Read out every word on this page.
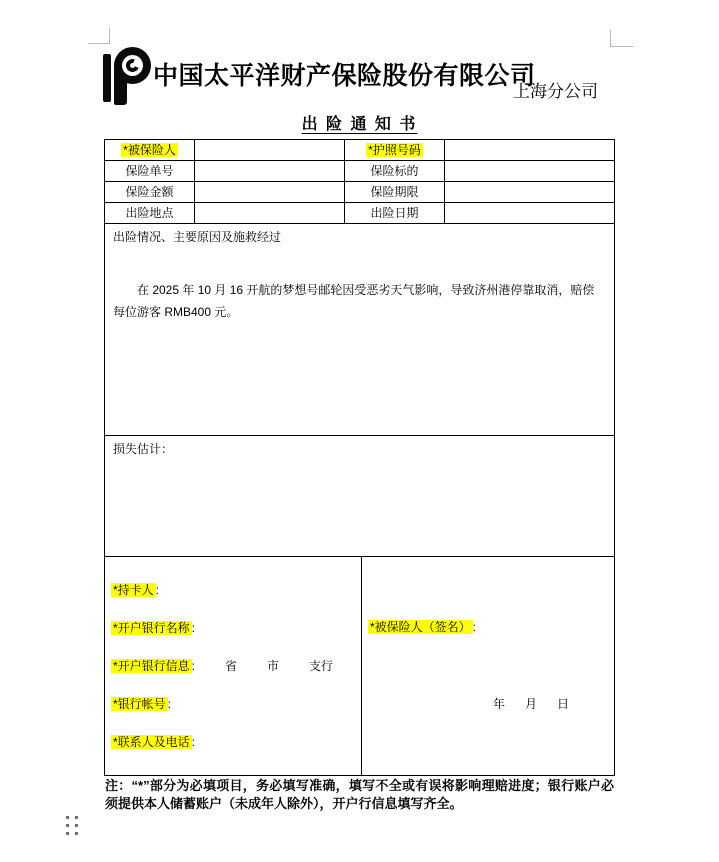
中国太平洋财产保险股份有限公司
上海分公司
出 险 通 知 书
*被保险人	*护照号码
保险单号	保险标的
保险金额	保险期限
出险地点	出险日期
出险情况、主要原因及施救经过
在 2025 年 10 月 16 开航的梦想号邮轮因受恶劣天气影响，导致济州港停靠取消，赔偿每位游客 RMB400 元。
损失估计：
*持卡人 :
*开户银行名称 :
*开户银行信息 :	省	市	支行
*银行帐号 :
*联系人及电话 :
*被保险人（签名） :
年　月　日
注：“*”部分为必填项目，务必填写准确，填写不全或有误将影响理赔进度；银行账户必须提供本人储蓄账户（未成年人除外），开户行信息填写齐全。
